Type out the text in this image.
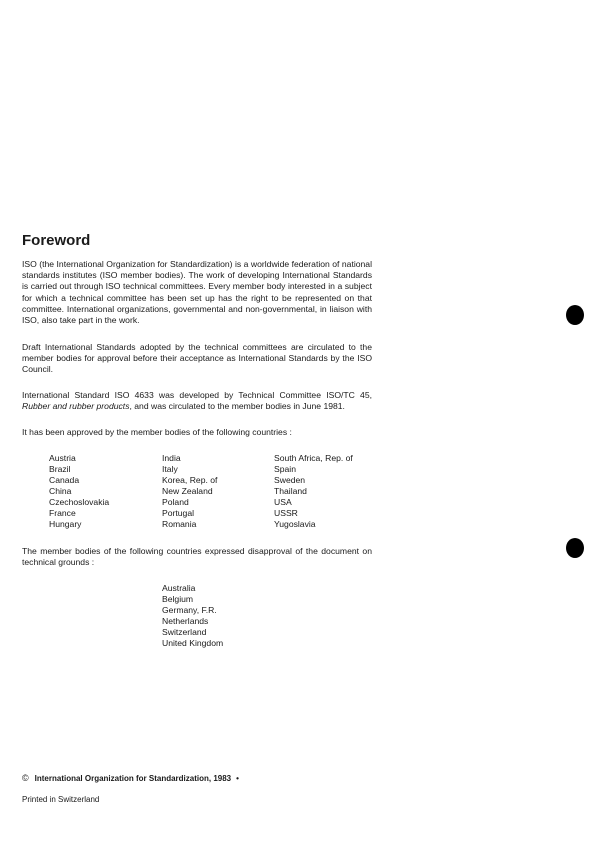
Foreword

ISO (the International Organization for Standardization) is a worldwide federation of national standards institutes (ISO member bodies). The work of developing International Standards is carried out through ISO technical committees. Every member body interested in a subject for which a technical committee has been set up has the right to be represented on that committee. International organizations, governmental and non-governmental, in liaison with ISO, also take part in the work.

Draft International Standards adopted by the technical committees are circulated to the member bodies for approval before their acceptance as International Standards by the ISO Council.

International Standard ISO 4633 was developed by Technical Committee ISO/TC 45, Rubber and rubber products, and was circulated to the member bodies in June 1981.

It has been approved by the member bodies of the following countries :

Austria
Brazil
Canada
China
Czechoslovakia
France
Hungary
India
Italy
Korea, Rep. of
New Zealand
Poland
Portugal
Romania
South Africa, Rep. of
Spain
Sweden
Thailand
USA
USSR
Yugoslavia

The member bodies of the following countries expressed disapproval of the document on technical grounds :

Australia
Belgium
Germany, F.R.
Netherlands
Switzerland
United Kingdom
© International Organization for Standardization, 1983 •
Printed in Switzerland
